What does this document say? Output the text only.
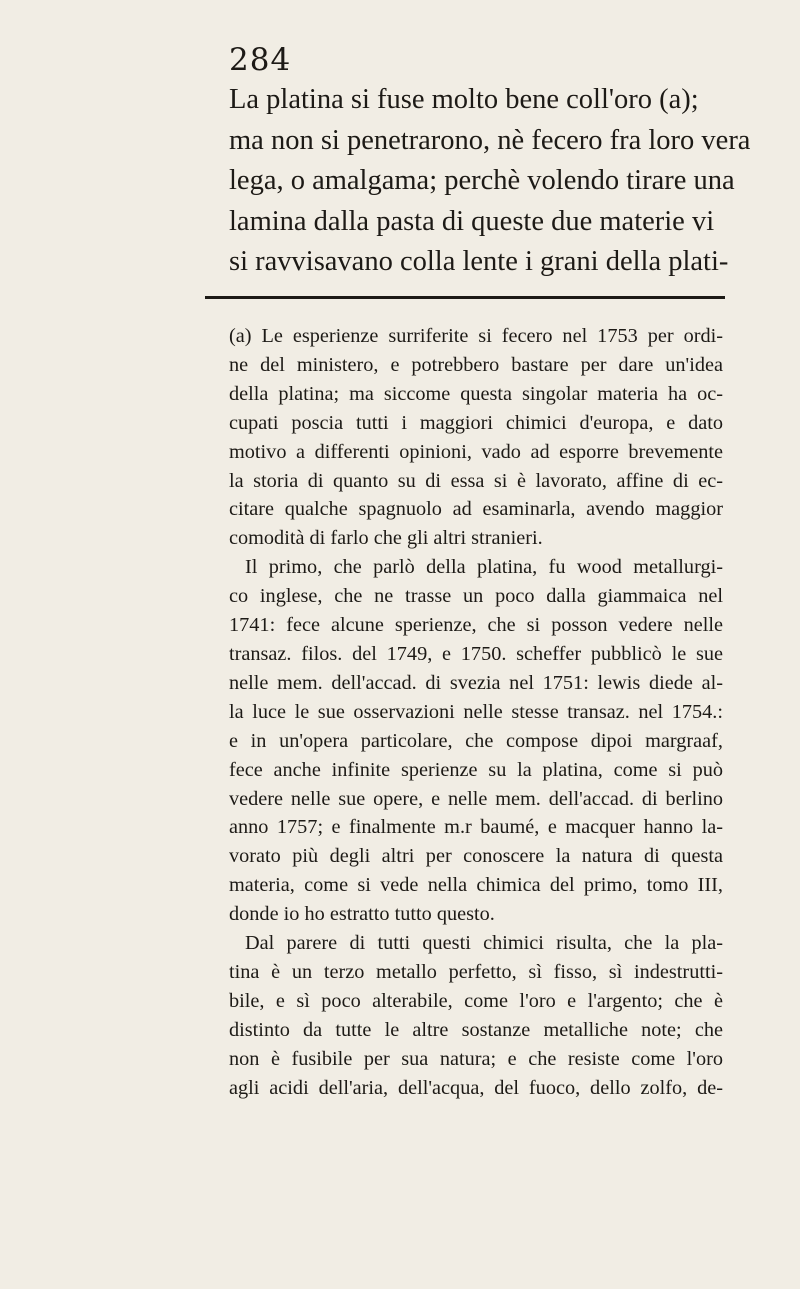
284
La platina si fuse molto bene coll'oro (a);
ma non si penetrarono, nè fecero fra loro vera
lega, o amalgama; perchè volendo tirare una
lamina dalla pasta di queste due materie vi
si ravvisavano colla lente i grani della plati-
(a) Le esperienze surriferite si fecero nel 1753 per ordi-
ne del ministero, e potrebbero bastare per dare un'idea
della platina; ma siccome questa singolar materia ha oc-
cupati poscia tutti i maggiori chimici d'europa, e dato
motivo a differenti opinioni, vado ad esporre brevemente
la storia di quanto su di essa si è lavorato, affine di ec-
citare qualche spagnuolo ad esaminarla, avendo maggior
comodità di farlo che gli altri stranieri.
Il primo, che parlò della platina, fu wood metallurgi-
co inglese, che ne trasse un poco dalla giammaica nel
1741: fece alcune sperienze, che si posson vedere nelle
transaz. filos. del 1749, e 1750. scheffer pubblicò le sue
nelle mem. dell'accad. di svezia nel 1751: lewis diede al-
la luce le sue osservazioni nelle stesse transaz. nel 1754.:
e in un'opera particolare, che compose dipoi margraaf,
fece anche infinite sperienze su la platina, come si può
vedere nelle sue opere, e nelle mem. dell'accad. di berlino
anno 1757; e finalmente m.r baumé, e macquer hanno la-
vorato più degli altri per conoscere la natura di questa
materia, come si vede nella chimica del primo, tomo III,
donde io ho estratto tutto questo.
Dal parere di tutti questi chimici risulta, che la pla-
tina è un terzo metallo perfetto, sì fisso, sì indestrutti-
bile, e sì poco alterabile, come l'oro e l'argento; che è
distinto da tutte le altre sostanze metalliche note; che
non è fusibile per sua natura; e che resiste come l'oro
agli acidi dell'aria, dell'acqua, del fuoco, dello zolfo, de-
